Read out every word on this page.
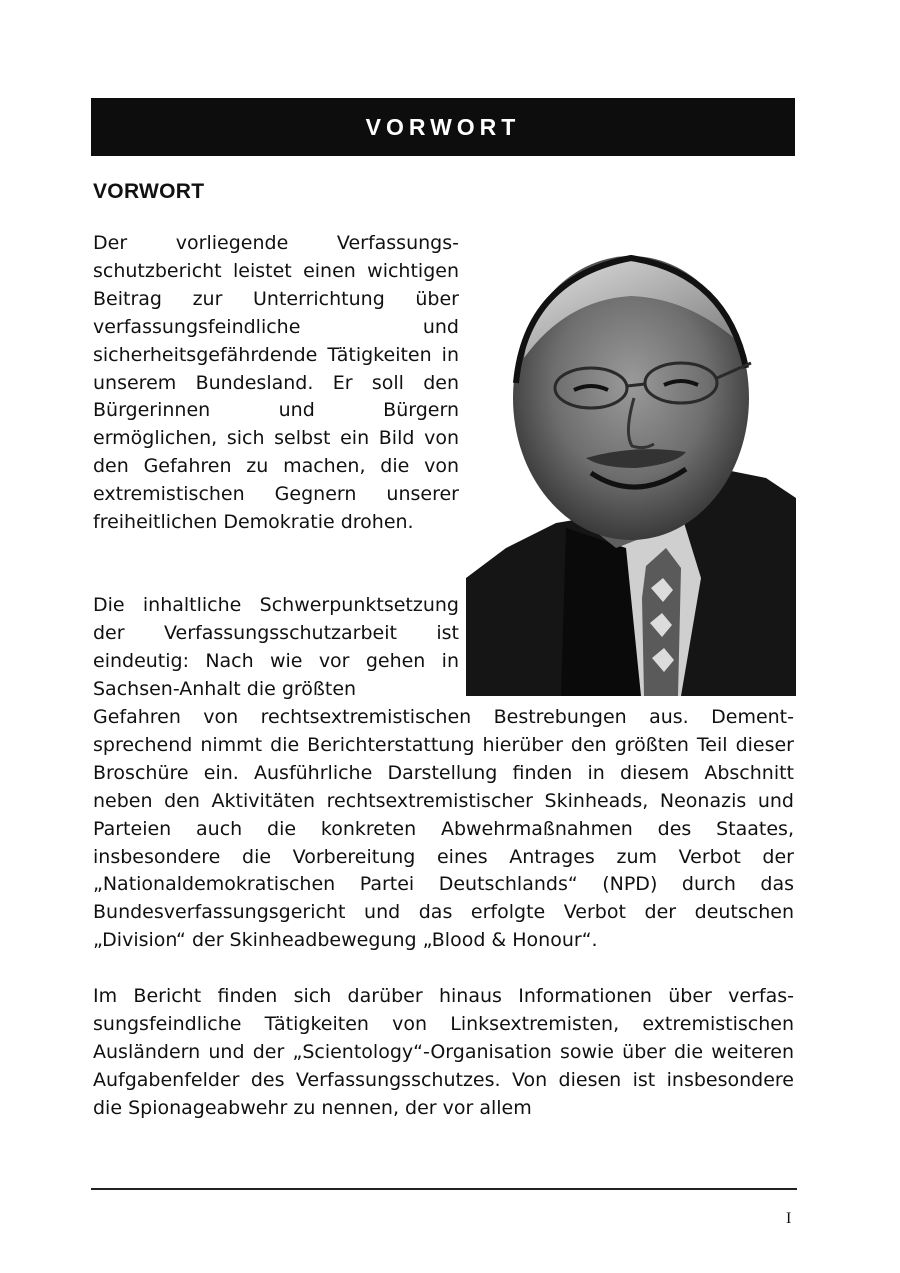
VORWORT
VORWORT

Der vorliegende Verfassungsschutzbericht leistet einen wichtigen Beitrag zur Unterrichtung über verfassungsfeindliche und sicherheitsgefährdende Tätigkeiten in unserem Bundesland. Er soll den Bürgerinnen und Bürgern ermöglichen, sich selbst ein Bild von den Gefahren zu machen, die von extremistischen Gegnern unserer freiheitlichen Demokratie drohen.

Die inhaltliche Schwerpunktsetzung der Verfassungsschutzarbeit ist eindeutig: Nach wie vor gehen in Sachsen-Anhalt die größten

Gefahren von rechtsextremistischen Bestrebungen aus. Dementsprechend nimmt die Berichterstattung hierüber den größten Teil dieser Broschüre ein. Ausführliche Darstellung finden in diesem Abschnitt neben den Aktivitäten rechtsextremistischer Skinheads, Neonazis und Parteien auch die konkreten Abwehrmaßnahmen des Staates, insbesondere die Vorbereitung eines Antrages zum Verbot der „Nationaldemokratischen Partei Deutschlands“ (NPD) durch das Bundesverfassungsgericht und das erfolgte Verbot der deutschen „Division“ der Skinheadbewegung „Blood & Honour“.

Im Bericht finden sich darüber hinaus Informationen über verfassungsfeindliche Tätigkeiten von Linksextremisten, extremistischen Ausländern und der „Scientology“-Organisation sowie über die weiteren Aufgabenfelder des Verfassungsschutzes. Von diesen ist insbesondere die Spionageabwehr zu nennen, der vor allem

I
